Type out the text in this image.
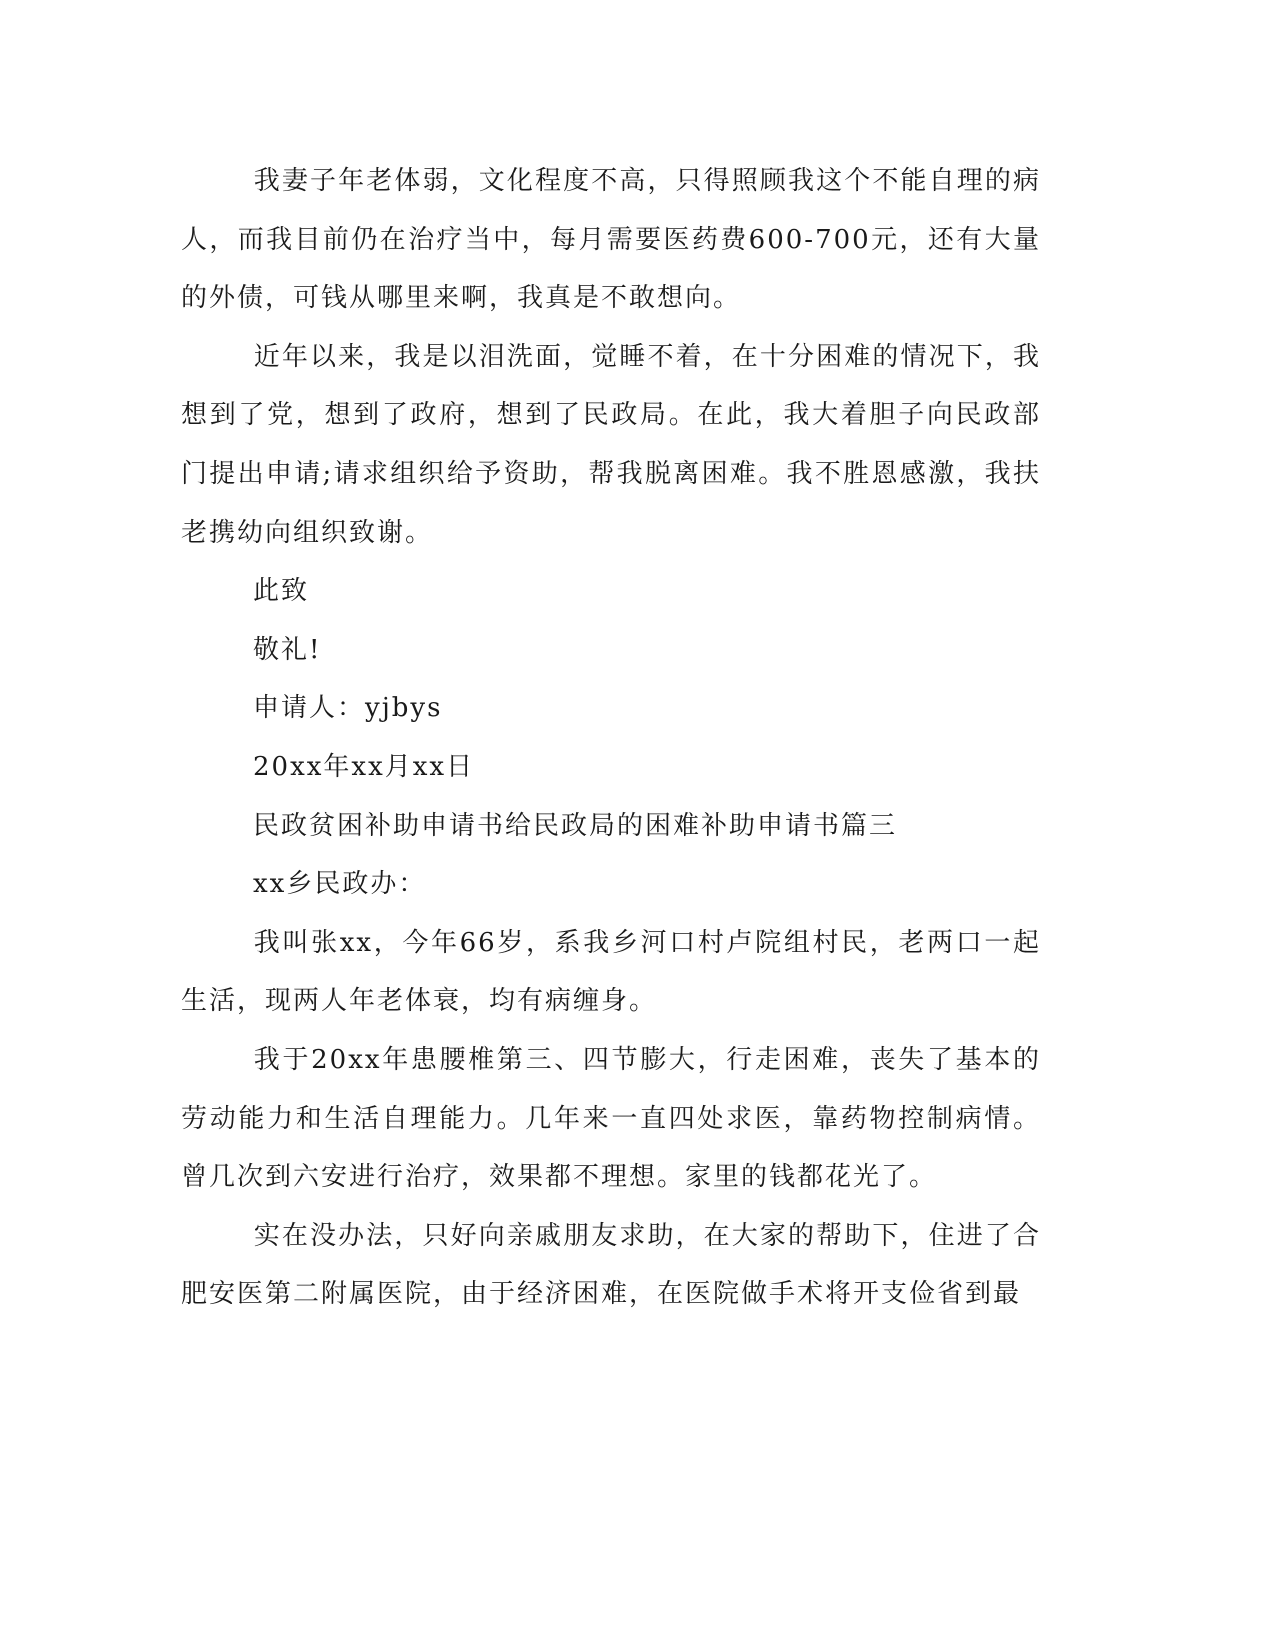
我妻子年老体弱，文化程度不高，只得照顾我这个不能自理的病人，而我目前仍在治疗当中，每月需要医药费600-700元，还有大量的外债，可钱从哪里来啊，我真是不敢想向。

近年以来，我是以泪洗面，觉睡不着，在十分困难的情况下，我想到了党，想到了政府，想到了民政局。在此，我大着胆子向民政部门提出申请;请求组织给予资助，帮我脱离困难。我不胜恩感激，我扶老携幼向组织致谢。

此致

敬礼!

申请人：yjbys

20xx年xx月xx日

民政贫困补助申请书给民政局的困难补助申请书篇三

xx乡民政办：

我叫张xx，今年66岁，系我乡河口村卢院组村民，老两口一起生活，现两人年老体衰，均有病缠身。

我于20xx年患腰椎第三、四节膨大，行走困难，丧失了基本的劳动能力和生活自理能力。几年来一直四处求医，靠药物控制病情。曾几次到六安进行治疗，效果都不理想。家里的钱都花光了。

实在没办法，只好向亲戚朋友求助，在大家的帮助下，住进了合肥安医第二附属医院，由于经济困难，在医院做手术将开支俭省到最
